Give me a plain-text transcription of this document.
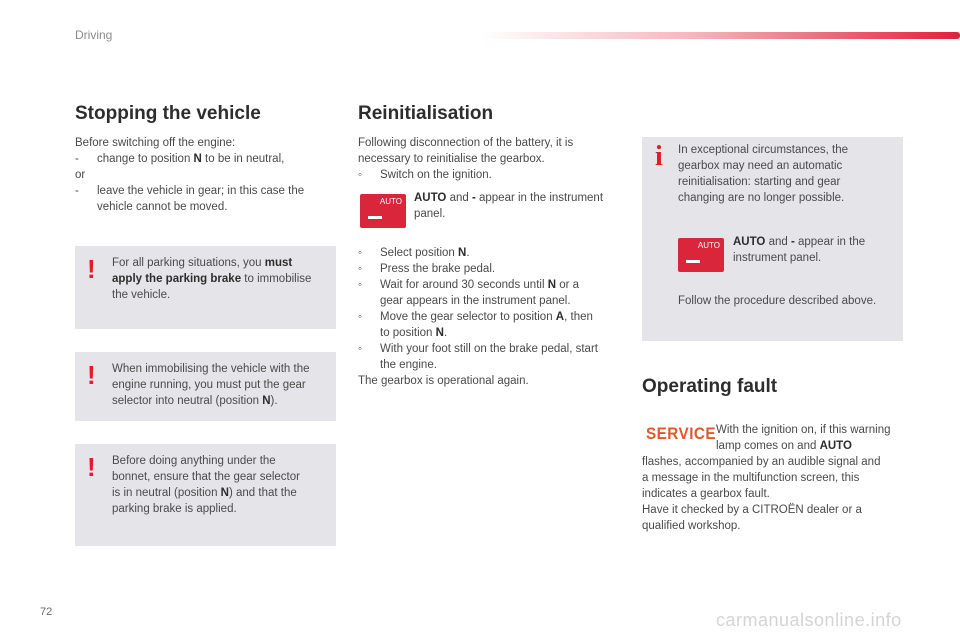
Driving
Stopping the vehicle
Before switching off the engine:
-	change to position N to be in neutral,
or
-	leave the vehicle in gear; in this case the
vehicle cannot be moved.
! For all parking situations, you must
apply the parking brake to immobilise
the vehicle.
! When immobilising the vehicle with the
engine running, you must put the gear
selector into neutral (position N).
! Before doing anything under the
bonnet, ensure that the gear selector
is in neutral (position N) and that the
parking brake is applied.
Reinitialisation
Following disconnection of the battery, it is
necessary to reinitialise the gearbox.
◦	Switch on the ignition.
AUTO AUTO and - appear in the instrument
panel.
◦	Select position N.
◦	Press the brake pedal.
◦	Wait for around 30 seconds until N or a
gear appears in the instrument panel.
◦	Move the gear selector to position A, then
to position N.
◦	With your foot still on the brake pedal, start
the engine.
The gearbox is operational again.
i In exceptional circumstances, the
gearbox may need an automatic
reinitialisation: starting and gear
changing are no longer possible.
AUTO AUTO and - appear in the
instrument panel.
Follow the procedure described above.
Operating fault
SERVICE With the ignition on, if this warning
lamp comes on and AUTO
flashes, accompanied by an audible signal and
a message in the multifunction screen, this
indicates a gearbox fault.
Have it checked by a CITROËN dealer or a
qualified workshop.
72	carmanualsonline.info
